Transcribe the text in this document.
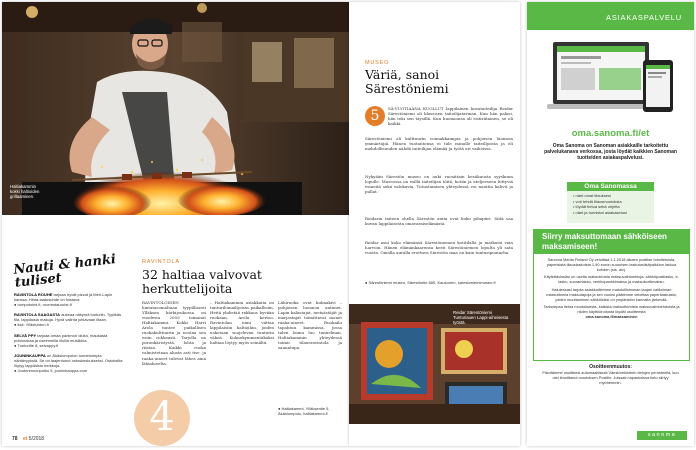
Haltiakammin
kokki haltioiden
grillaaminen.
Nauti & hanki tuliset
RAVINTOLA ROUHE tarjoaa hyvät pizzat ja Meri-Lapin kanssa. Hinta-laatusuhde on loistava.
● rumpotoimi.fi, rovrrestaurohe.fi
RAVINTOLA SAAGASTA aukeaa näkymä tunturiin. Tyylikäs tila, lappilaisia makuja. Hyvä valinta juhlavaan iltaan.
● lisä: Yllästunturi.fi
SELVÄ PPY tarjoaa omaa panimon oluita, maukasta pubiruokaa ja useimmilla illoilla musiikkia.
● Tunturitie 8, selvappy.fi
JOUNINKAUPPA on Äkäslompolon tunnetuimpia nähtävyyksiä. Se on laajentunut ostoskeskukseksi. Ostoksilta löytyy lappilaisia herkkuja.
● Joutonmoonpolku 5, jouninkauppa.com
RAVINTOLA
32 haltiaa valvovat herkuttelijoita
RAVINTOLOIDEN hintatasomaltaan tyypillisesti Ylläksen kärkijoukossa on vuodesta 2009 toiminut Haltiakammi. Kokki Harri Arola tuntee paikallisen ruokakulttuurin ja nostaa sen esiin rohkeasti. Tarjolla on poronkäristystä, lohta ja riistaa. Kaikki ruoka valmistetaan alusta asti itse, ja raaka-aineet tulevat lähes aina lähialueelta.
– Haltiakammin asiakkaita on tunturilomailijoista paikallisiin. Heitä yhdistää rakkaus hyvään ruokaan, Arola kertoo. Ravintolan nimi viittaa lappilaisiin haltioihin, joiden uskotaan suojelevan tunturin väkeä. Kolmekymmentäkaksi haltiaa löytyy myös seinältä.
Lähiruoka ovat kulmakivi – pohjoisen luonnon antimet. Lapin kalastajat, metsästäjät ja marjastajat toimittavat monet raaka-aineet. Ruokailu tapahtuu kammissa, jossa tulen loimu luo tunnelman. Haltiakammin yhteydessä toimii tilausravintola ja saunatupa.
● Haltiakammi, Ylläksentie 5, Äkäslompolo, haltiakammi.fi
4
78 et 5/2018
MUSEO
Väriä, sanoi Särestöniemi
5	SÄ-VUOTIAANA KUOLLUT lappilainen kuvataiteilija Reidar Särestöniemi oli klassisen taiteilijatarinan. Kun hän palasi, hän teki sen täysillä. Kun huomionsa oli ristiriitainen, se oli kaikki.
Särestöniemi oli kulttuurin voimakkaimpia ja pohjoisen luonnon ymmärtäjiä. Hänen tuotantonsa ei tule minulle taiteilijoista ja eli mahdollisuuden nähdä taiteilijan elämää ja työtä eri vaiheissa.
Nykyään Särestön museo on auki vuosittain kesäkuusta syyskuun lopulle. Museossa on esillä taiteilijan töitä, kotiin ja ateljeeseen liittyviä esineitä sekä valokuvia. Tutustumisen yhteydessä voi nauttia kahvit ja pullat.
Reidarin taiteen ohella Särestön antia ovat koko pihapiiri. Siitä saa kuvan lappilaisesta omavaraiselämästä.
Reidar asui koko elämänsä Särestöniemen kotitilalla ja matkusti vain harvoin. Hänen elämänkaarensa kesti Särestöniemen lopulta yli sata vuotta. Omalla auralla erottuva Särestön maa on kuin tunturipuutarha.
● Särestöniemi museo, Särestöntie 880, Kaukonen, sarestoniemimuseo.fi
Reidar Särestöniemi Tunturiauen Lappi-aiheisesta työstä.
ASIAKASPALVELU
oma.sanoma.fi/et
Oma Sanoma on Sanoman asiakkaille tarkoitettu palvelukanava verkossa, josta löydät kaikkien Sanoman tuotteiden asiakaspalvelusi.
Oma Sanomassa
• näet omat tilauksesi
• voit tehdä tilausmuutoksia
• löydät tietoa sekä ohjeita
• näet ja tunnistat asiakasetusi
Siirry maksuttomaan sähköiseen maksamiseen!
Sanoma Media Finland Oy veloittaa 1.1.2018 alkaen postitse toimitetuista, paperisista tilauslaskuista 1,90 euron suuruisen laskutuslisäpalkkion laskua kohden (sis. alv).
Käytettävissäsi on useita maksuttomia maksuvaihtoehtoja: sähköpostilasku, e-lasku, suoramaksu, verkkopankkimaksu ja maksukorttimaksu.
Halutessasi tarjota asiakkaillemme mahdollisimman laajan valikoiman maksuttomia maksutapoja ja sen vuoksi päätimme veloittaa paperilaskuista, joiden muuttaminen sähköisiksi on ympäristön kannalta järkevää.
Tarkempaa tietoa muutoksesta, kaikista maksuttomista maksuvaihtoehdoista ja niiden käyttöönotosta löydät osoitteesta
oma.sanoma.fi/maksaminen
Osoitteenmuutos:
Päivitämme osoitteesi automaattisesti Väestörekisterin tietojen perusteella, kun olet ilmoittanut muutoksen Postille. Joissain tapauksissa tieto siirtyy myöhemmin.
sanoma
